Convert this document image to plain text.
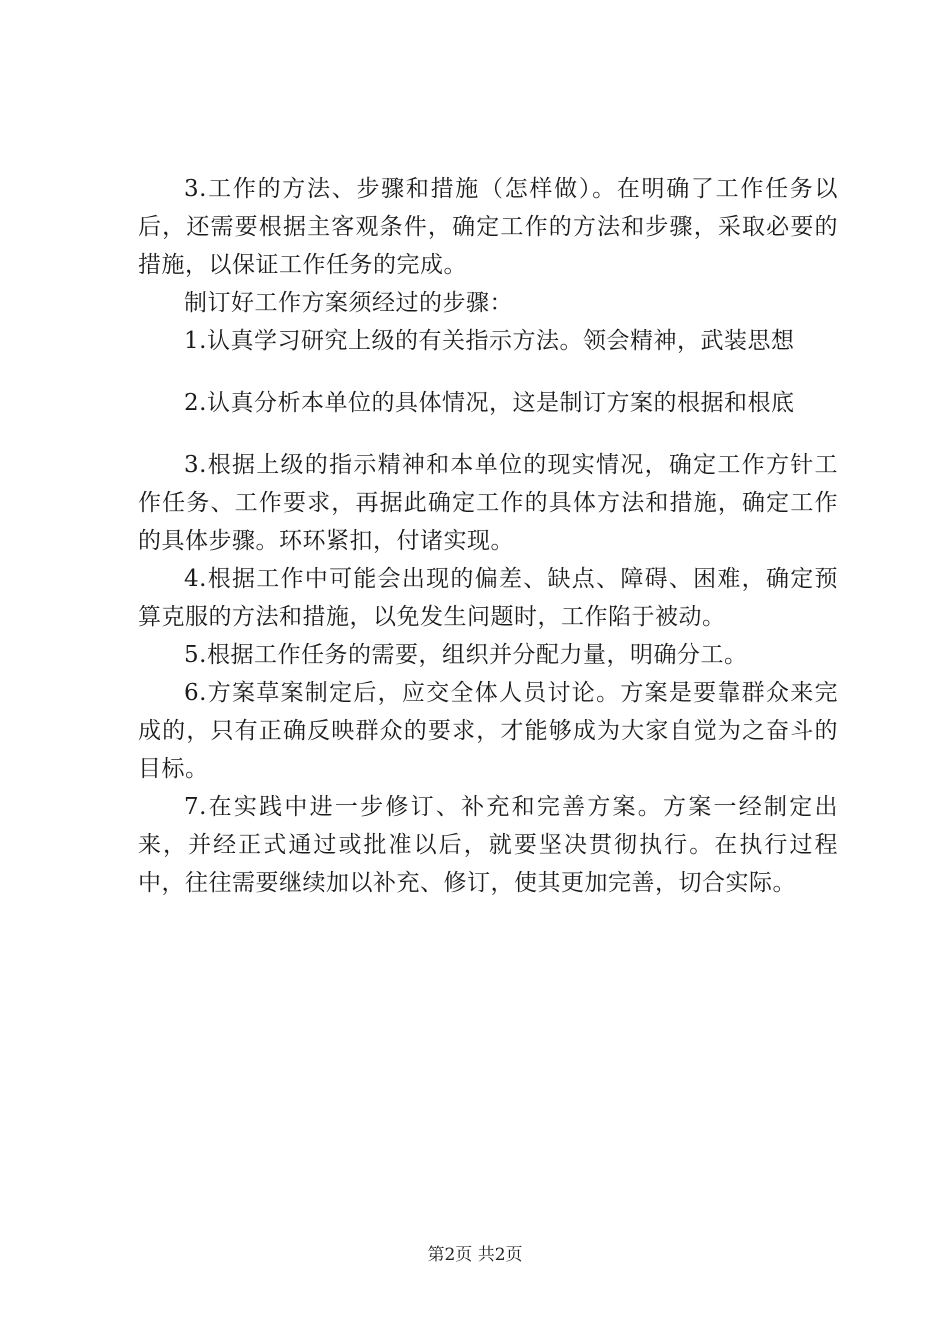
3.工作的方法、步骤和措施（怎样做）。在明确了工作任务以后，还需要根据主客观条件，确定工作的方法和步骤，采取必要的措施，以保证工作任务的完成。

制订好工作方案须经过的步骤：

1.认真学习研究上级的有关指示方法。领会精神，武装思想

2.认真分析本单位的具体情况，这是制订方案的根据和根底

3.根据上级的指示精神和本单位的现实情况，确定工作方针工作任务、工作要求，再据此确定工作的具体方法和措施，确定工作的具体步骤。环环紧扣，付诸实现。

4.根据工作中可能会出现的偏差、缺点、障碍、困难，确定预算克服的方法和措施，以免发生问题时，工作陷于被动。

5.根据工作任务的需要，组织并分配力量，明确分工。

6.方案草案制定后，应交全体人员讨论。方案是要靠群众来完成的，只有正确反映群众的要求，才能够成为大家自觉为之奋斗的目标。

7.在实践中进一步修订、补充和完善方案。方案一经制定出来，并经正式通过或批准以后，就要坚决贯彻执行。在执行过程中，往往需要继续加以补充、修订，使其更加完善，切合实际。

第2页 共2页
